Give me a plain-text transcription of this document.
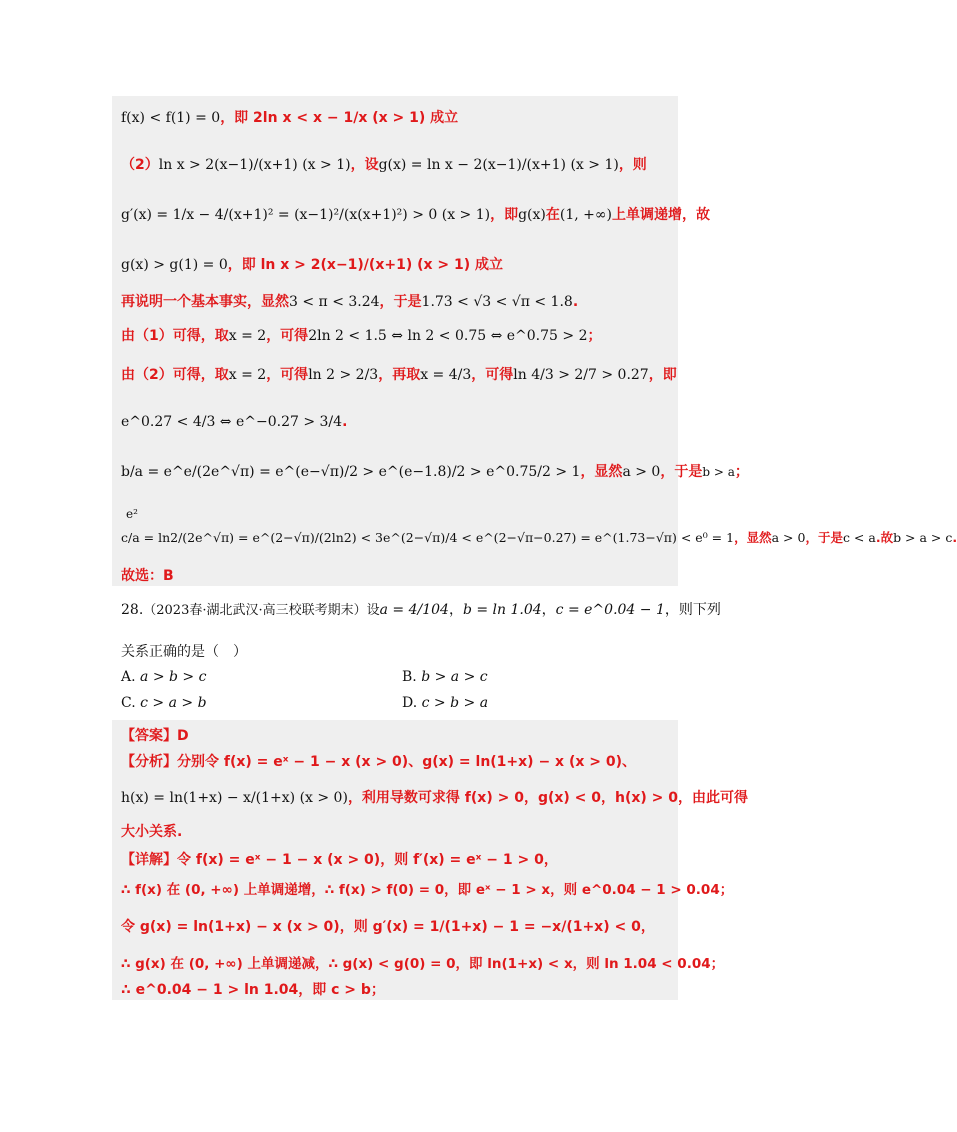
f(x) < f(1) = 0，即 2ln x < x − 1/x (x > 1) 成立
（2）ln x > 2(x−1)/(x+1) (x > 1)，设g(x) = ln x − 2(x−1)/(x+1) (x > 1)，则
g′(x) = 1/x − 4/(x+1)² = (x−1)²/(x(x+1)²) > 0 (x > 1)，即g(x)在(1, +∞)上单调递增，故
g(x) > g(1) = 0，即 ln x > 2(x−1)/(x+1) (x > 1) 成立
再说明一个基本事实，显然3 < π < 3.24，于是1.73 < √3 < √π < 1.8.
由（1）可得，取x = 2，可得2ln 2 < 1.5 ⇔ ln 2 < 0.75 ⇔ e^0.75 > 2；
由（2）可得，取x = 2，可得ln 2 > 2/3，再取x = 4/3，可得ln 4/3 > 2/7 > 0.27，即
e^0.27 < 4/3 ⇔ e^−0.27 > 3/4.
b/a = e^e/(2e^√π) = e^(e−√π)/2 > e^(e−1.8)/2 > e^0.75/2 > 1，显然a > 0，于是b > a；
e²
c/a = ln2/(2e^√π) = e^(2−√π)/(2ln2) < 3e^(2−√π)/4 < e^(2−√π−0.27) = e^(1.73−√π) < e⁰ = 1，显然a > 0，于是c < a.故b > a > c.
故选：B
28.（2023春·湖北武汉·高三校联考期末）设a = 4/104，b = ln 1.04，c = e^0.04 − 1，则下列
关系正确的是（　）
A. a > b > c	B. b > a > c
C. c > a > b	D. c > b > a
【答案】D
【分析】分别令 f(x) = eˣ − 1 − x (x > 0)、g(x) = ln(1+x) − x (x > 0)、
h(x) = ln(1+x) − x/(1+x) (x > 0)，利用导数可求得 f(x) > 0，g(x) < 0，h(x) > 0，由此可得
大小关系.
【详解】令 f(x) = eˣ − 1 − x (x > 0)，则 f′(x) = eˣ − 1 > 0，
∴ f(x) 在 (0, +∞) 上单调递增，∴ f(x) > f(0) = 0，即 eˣ − 1 > x，则 e^0.04 − 1 > 0.04；
令 g(x) = ln(1+x) − x (x > 0)，则 g′(x) = 1/(1+x) − 1 = −x/(1+x) < 0，
∴ g(x) 在 (0, +∞) 上单调递减，∴ g(x) < g(0) = 0，即 ln(1+x) < x，则 ln 1.04 < 0.04；
∴ e^0.04 − 1 > ln 1.04，即 c > b；
